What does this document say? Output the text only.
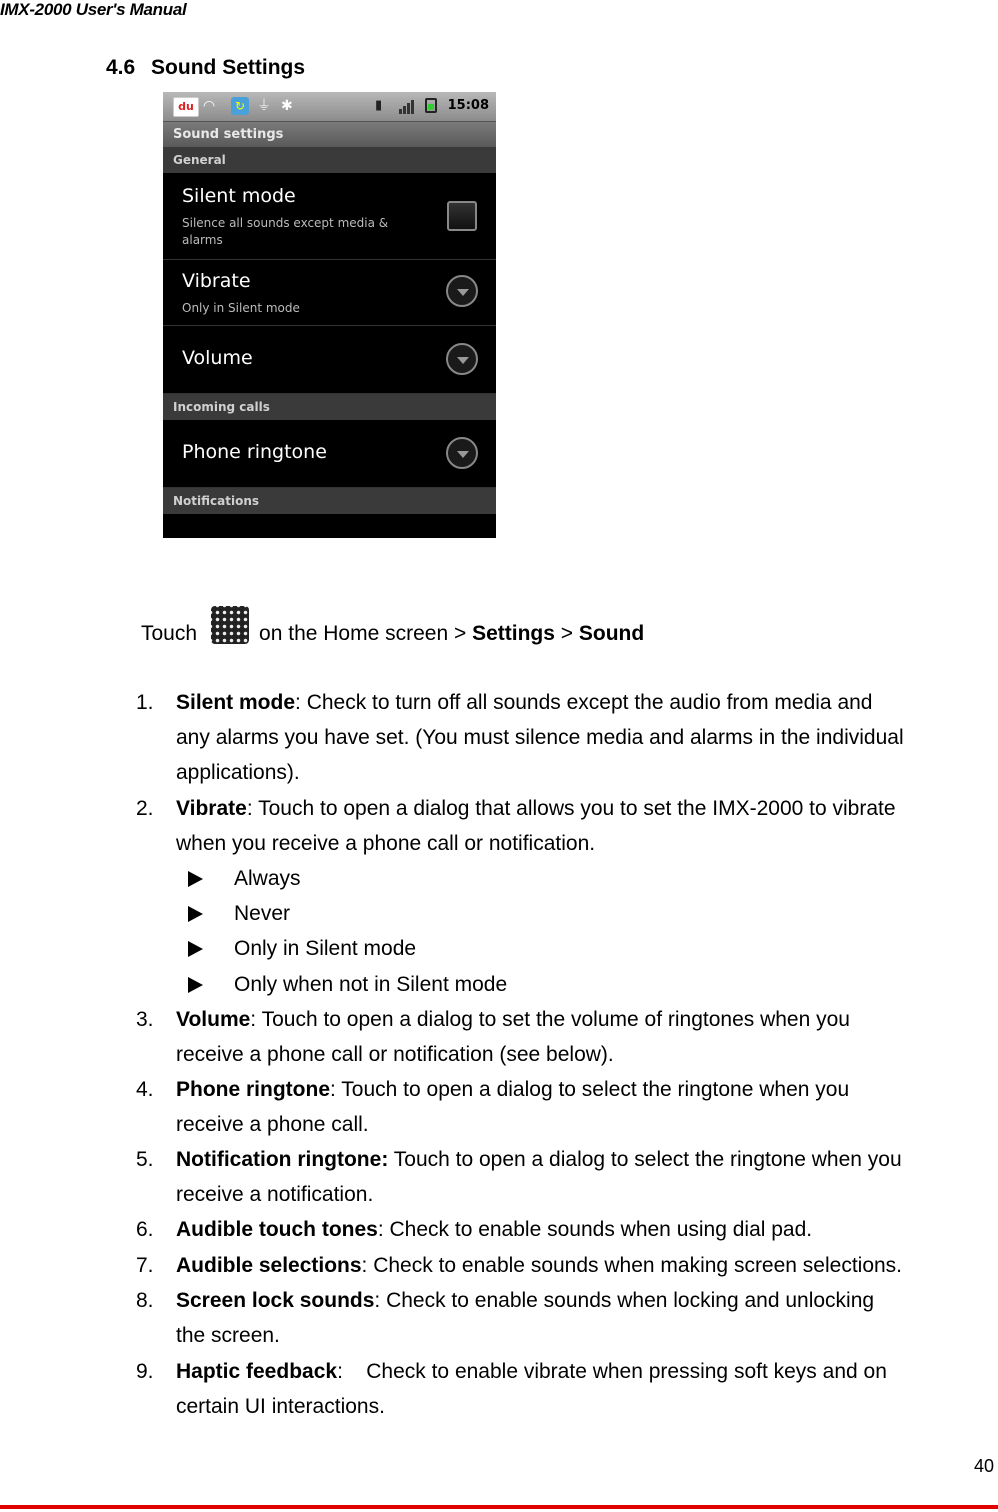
IMX-2000 User's Manual
4.6 Sound Settings
du ◠	↻ ⏚ ✱	▮	15:08
Sound settings
General
Silent mode
Silence all sounds except media & alarms
Vibrate
Only in Silent mode
Volume
Incoming calls
Phone ringtone
Notifications
Touch	on the Home screen > Settings > Sound
1.	Silent mode: Check to turn off all sounds except the audio from media and
any alarms you have set. (You must silence media and alarms in the individual
applications).
2.	Vibrate: Touch to open a dialog that allows you to set the IMX-2000 to vibrate
when you receive a phone call or notification.
Always
Never
Only in Silent mode
Only when not in Silent mode
3.	Volume: Touch to open a dialog to set the volume of ringtones when you
receive a phone call or notification (see below).
4.	Phone ringtone: Touch to open a dialog to select the ringtone when you
receive a phone call.
5.	Notification ringtone: Touch to open a dialog to select the ringtone when you
receive a notification.
6.	Audible touch tones: Check to enable sounds when using dial pad.
7.	Audible selections: Check to enable sounds when making screen selections.
8.	Screen lock sounds: Check to enable sounds when locking and unlocking
the screen.
9.	Haptic feedback:    Check to enable vibrate when pressing soft keys and on
certain UI interactions.
40
